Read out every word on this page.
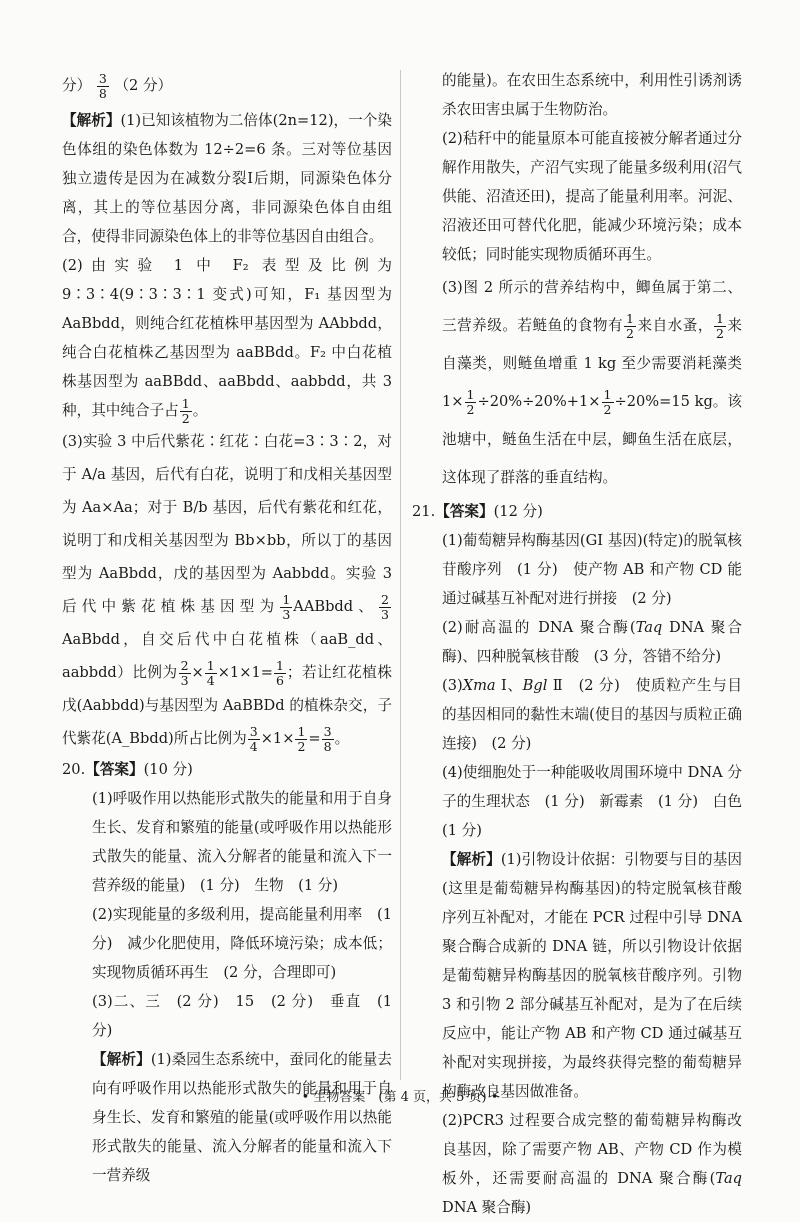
分） $\frac{3}{8} (2$ 分）

【解析】(1)已知该植物为二倍体(2n=12)，一个染色体组的染色体数为 12÷2=6 条。三对等位基因独立遗传是因为在减数分裂Ⅰ后期，同源染色体分离，其上的等位基因分离，非同源染色体自由组合，使得非同源染色体上的非等位基因自由组合。

(2)由实验 1 中 F₂ 表型及比例为 9∶3∶4(9∶3∶3∶1 变式)可知，F₁ 基因型为 AaBbdd，则纯合红花植株甲基因型为 AAbbdd，纯合白花植株乙基因型为 aaBBdd。F₂ 中白花植株基因型为 aaBBdd、aaBbdd、aabbdd，共 3 种，其中纯合子占 $\frac{1}{2}$ 。

(3)实验 3 中后代紫花∶红花∶白花=3∶3∶2，对于 A/a 基因，后代有白花，说明丁和戊相关基因型为 Aa×Aa；对于 B/b 基因，后代有紫花和红花，说明丁和戊相关基因型为 Bb×bb，所以丁的基因型为 AaBbdd，戊的基因型为 Aabbdd。实验 3 后代中紫花植株基因型为 $\frac{1}{3}$ AABbdd、 $\frac{2}{3}$
AaBbdd，自交后代中白花植株（aaB_dd、aabbdd）比例为 $\frac{2}{3} \times \frac{1}{4} \times 1\times 1= \frac{1}{6}$ ；若让红花植株戊(Aabbdd)与基因型为 AaBBDd 的植株杂交，子代紫花(A_Bbdd)所占比例为 $\frac{3}{4} \times 1\times \frac{1}{2} = \frac{3}{8}$ 。

20.【答案】(10 分)

(1)呼吸作用以热能形式散失的能量和用于自身生长、发育和繁殖的能量(或呼吸作用以热能形式散失的能量、流入分解者的能量和流入下一营养级的能量)　(1 分)　生物　(1 分)

(2)实现能量的多级利用，提高能量利用率　(1 分)　减少化肥使用，降低环境污染；成本低；实现物质循环再生　(2 分，合理即可)

(3)二、三　(2 分)　15　(2 分)　垂直　(1 分)

【解析】(1)桑园生态系统中，蚕同化的能量去向有呼吸作用以热能形式散失的能量和用于自身生长、发育和繁殖的能量(或呼吸作用以热能形式散失的能量、流入分解者的能量和流入下一营养级

的能量)。在农田生态系统中，利用性引诱剂诱杀农田害虫属于生物防治。

(2)秸秆中的能量原本可能直接被分解者通过分解作用散失，产沼气实现了能量多级利用(沼气供能、沼渣还田)，提高了能量利用率。河泥、沼液还田可替代化肥，能减少环境污染；成本较低；同时能实现物质循环再生。

(3)图 2 所示的营养结构中，鲫鱼属于第二、三营养级。若鲢鱼的食物有 $\frac{1}{2}$ 来自水蚤， $\frac{1}{2}$ 来自藻类，则鲢鱼增重 1 kg 至少需要消耗藻类 $1\times \frac{1}{2} \div 20\%\div 20\%+1\times \frac{1}{2} \div 20\%=15$ kg。该池塘中，鲢鱼生活在中层，鲫鱼生活在底层，这体现了群落的垂直结构。

21.【答案】(12 分)

(1)葡萄糖异构酶基因(GI 基因)(特定)的脱氧核苷酸序列　(1 分)　使产物 AB 和产物 CD 能通过碱基互补配对进行拼接　(2 分)

(2)耐高温的 DNA 聚合酶(Taq DNA 聚合酶)、四种脱氧核苷酸　(3 分，答错不给分)

(3)Xma Ⅰ、Bgl Ⅱ　(2 分)　使质粒产生与目的基因相同的黏性末端(使目的基因与质粒正确连接)　(2 分)

(4)使细胞处于一种能吸收周围环境中 DNA 分子的生理状态　(1 分)　新霉素　(1 分)　白色　(1 分)

【解析】(1)引物设计依据：引物要与目的基因(这里是葡萄糖异构酶基因)的特定脱氧核苷酸序列互补配对，才能在 PCR 过程中引导 DNA 聚合酶合成新的 DNA 链，所以引物设计依据是葡萄糖异构酶基因的脱氧核苷酸序列。引物 3 和引物 2 部分碱基互补配对，是为了在后续反应中，能让产物 AB 和产物 CD 通过碱基互补配对实现拼接，为最终获得完整的葡萄糖异构酶改良基因做准备。

(2)PCR3 过程要合成完整的葡萄糖异构酶改良基因，除了需要产物 AB、产物 CD 作为模板外，还需要耐高温的 DNA 聚合酶(Taq DNA 聚合酶)

• 生物答案　(第 4 页，共 5 页) •
